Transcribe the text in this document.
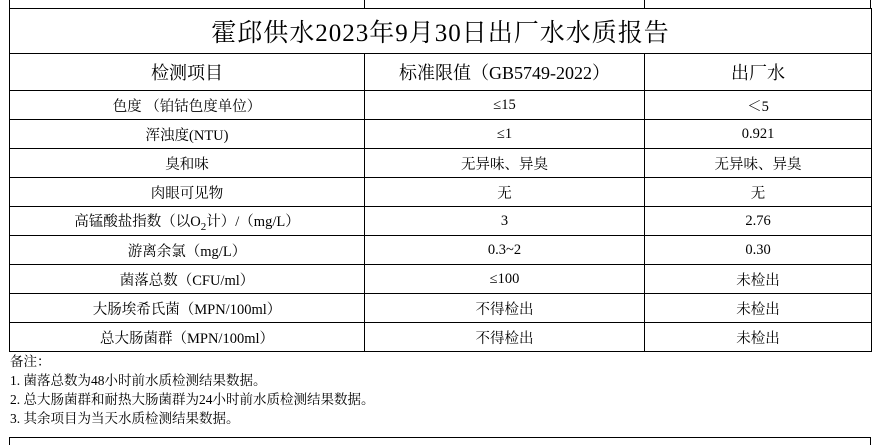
霍邱供水2023年9月30日出厂水水质报告		
检测项目	标准限值（GB5749-2022）	出厂水
色度 （铂钴色度单位）	≤15	＜5
浑浊度(NTU)	≤1	0.921
臭和味	无异味、异臭	无异味、异臭
肉眼可见物	无	无
高锰酸盐指数（以$O_2$计）/（mg/L）	3	2.76
游离余氯（mg/L）	0.3~2	0.30
菌落总数（CFU/ml）	≤100	未检出
大肠埃希氏菌（MPN/100ml）	不得检出	未检出
总大肠菌群（MPN/100ml）	不得检出	未检出
备注：
1. 菌落总数为48小时前水质检测结果数据。
2. 总大肠菌群和耐热大肠菌群为24小时前水质检测结果数据。
3. 其余项目为当天水质检测结果数据。
